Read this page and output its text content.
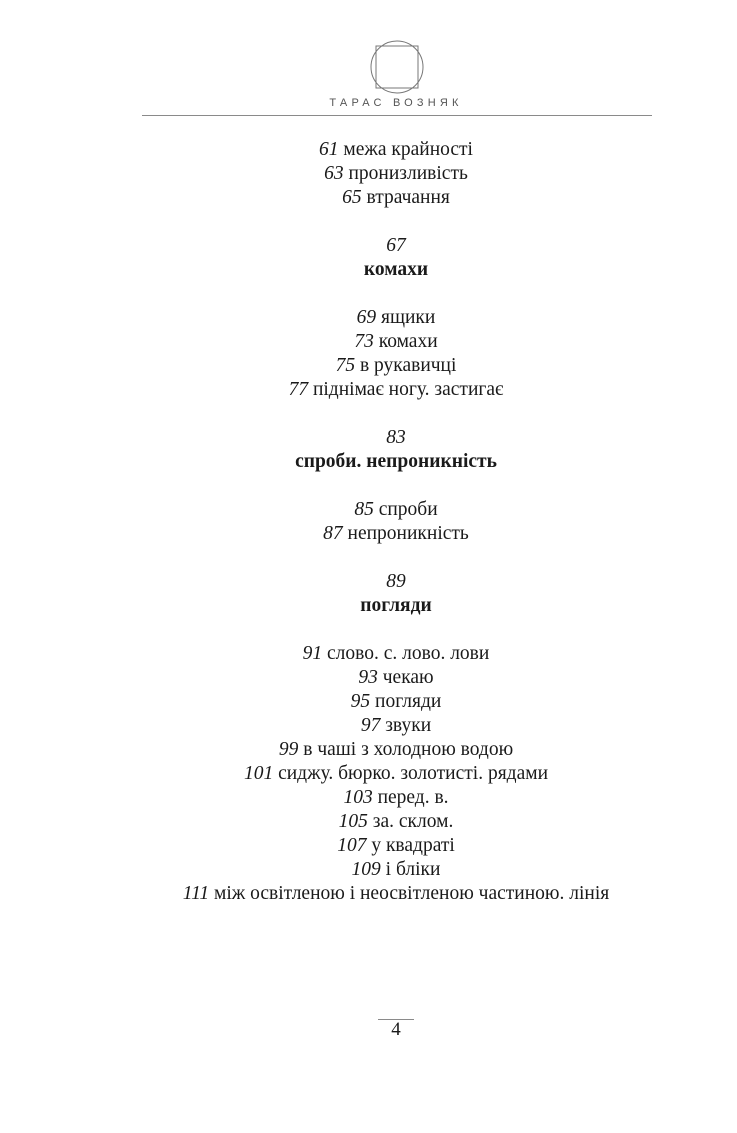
ТАРАС ВОЗНЯК
61 межа крайності
63 пронизливість
65 втрачання
67
комахи
69 ящики
73 комахи
75 в рукавичці
77 піднімає ногу. застигає
83
спроби. непроникність
85 спроби
87 непроникність
89
погляди
91 слово. с. лово. лови
93 чекаю
95 погляди
97 звуки
99 в чаші з холодною водою
101 сиджу. бюрко. золотисті. рядами
103 перед. в.
105 за. склом.
107 у квадраті
109 і бліки
111 між освітленою і неосвітленою частиною. лінія
4
